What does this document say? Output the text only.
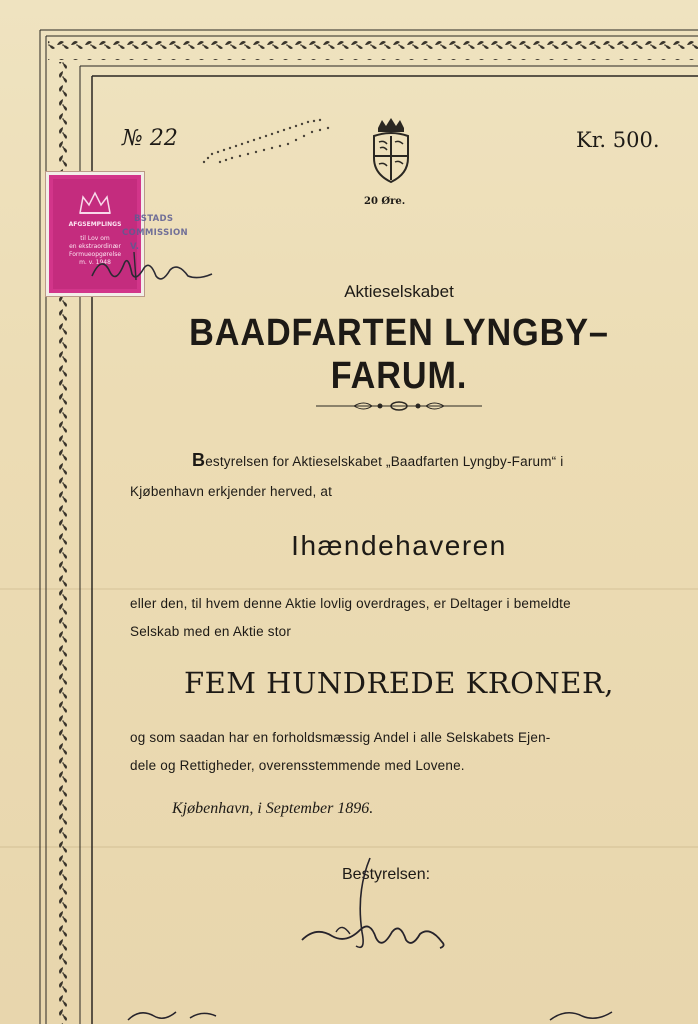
№ 22	Kr. 500.
20 Øre.
AFGSEMPLINGS
til Lov om
en ekstraordinær
Formueopgørelse
m. v. 1948
BSTADS
COMMISSION
V.
Aktieselskabet
BAADFARTEN LYNGBY–FARUM.
Bestyrelsen for Aktieselskabet „Baadfarten Lyngby-Farum“ i
Kjøbenhavn erkjender herved, at
Ihændehaveren
eller den, til hvem denne Aktie lovlig overdrages, er Deltager i bemeldte
Selskab med en Aktie stor
FEM HUNDREDE KRONER,
og som saadan har en forholdsmæssig Andel i alle Selskabets Ejen-
dele og Rettigheder, overensstemmende med Lovene.
Kjøbenhavn, i September 1896.
Bestyrelsen:
